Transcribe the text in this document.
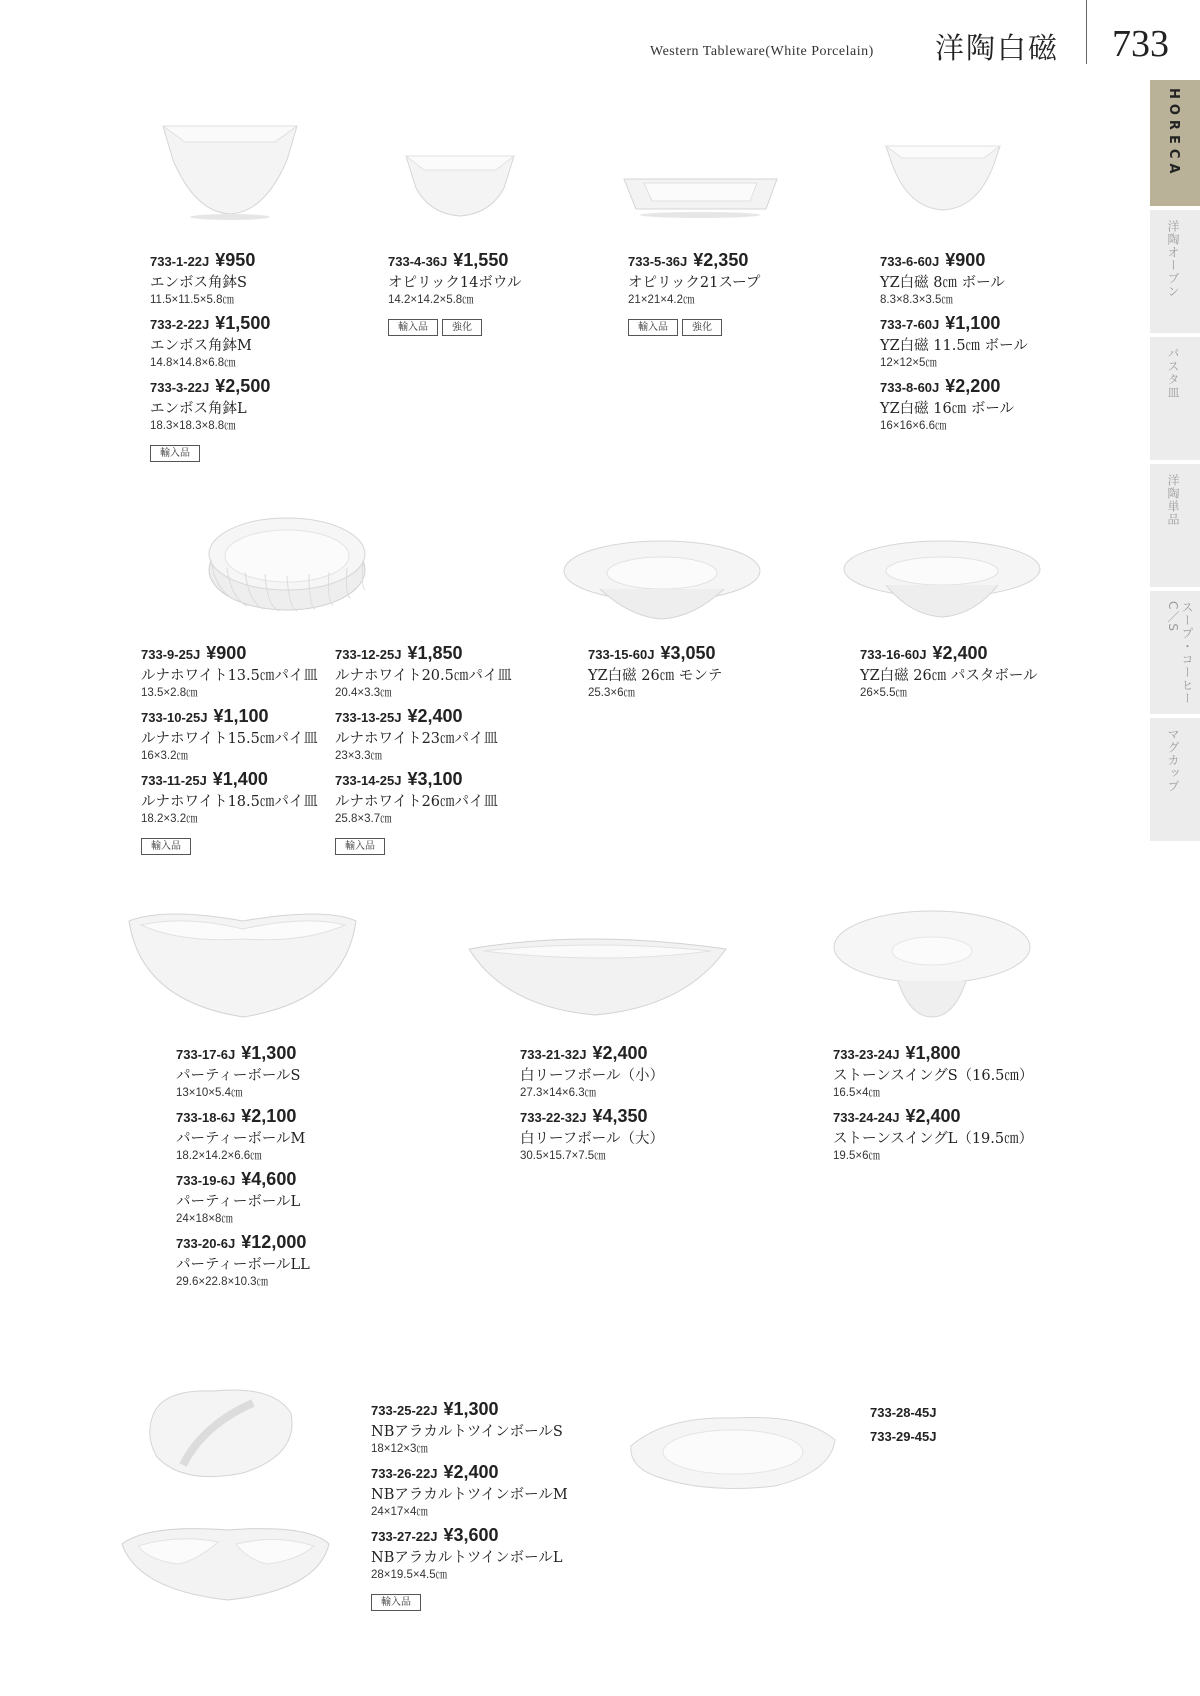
Western Tableware(White Porcelain) 洋陶白磁 733
HORECA
洋陶オーブン
パスタ皿
洋陶単品
スープ・コーヒーC／S
マグカップ
733-1-22J ¥950
エンボス角鉢S
11.5×11.5×5.8㎝
733-2-22J ¥1,500
エンボス角鉢M
14.8×14.8×6.8㎝
733-3-22J ¥2,500
エンボス角鉢L
18.3×18.3×8.8㎝
輸入品
733-4-36J ¥1,550
オピリック14ボウル
14.2×14.2×5.8㎝
輸入品 強化
733-5-36J ¥2,350
オピリック21スープ
21×21×4.2㎝
輸入品 強化
733-6-60J ¥900
YZ白磁 8㎝ ボール
8.3×8.3×3.5㎝
733-7-60J ¥1,100
YZ白磁 11.5㎝ ボール
12×12×5㎝
733-8-60J ¥2,200
YZ白磁 16㎝ ボール
16×16×6.6㎝
733-9-25J ¥900
ルナホワイト13.5㎝パイ皿
13.5×2.8㎝
733-10-25J ¥1,100
ルナホワイト15.5㎝パイ皿
16×3.2㎝
733-11-25J ¥1,400
ルナホワイト18.5㎝パイ皿
18.2×3.2㎝
輸入品
733-12-25J ¥1,850
ルナホワイト20.5㎝パイ皿
20.4×3.3㎝
733-13-25J ¥2,400
ルナホワイト23㎝パイ皿
23×3.3㎝
733-14-25J ¥3,100
ルナホワイト26㎝パイ皿
25.8×3.7㎝
輸入品
733-15-60J ¥3,050
YZ白磁 26㎝ モンテ
25.3×6㎝
733-16-60J ¥2,400
YZ白磁 26㎝ パスタボール
26×5.5㎝
733-17-6J ¥1,300
パーティーボールS
13×10×5.4㎝
733-18-6J ¥2,100
パーティーボールM
18.2×14.2×6.6㎝
733-19-6J ¥4,600
パーティーボールL
24×18×8㎝
733-20-6J ¥12,000
パーティーボールLL
29.6×22.8×10.3㎝
733-21-32J ¥2,400
白リーフボール（小）
27.3×14×6.3㎝
733-22-32J ¥4,350
白リーフボール（大）
30.5×15.7×7.5㎝
733-23-24J ¥1,800
ストーンスイングS（16.5㎝）
16.5×4㎝
733-24-24J ¥2,400
ストーンスイングL（19.5㎝）
19.5×6㎝
733-25-22J ¥1,300
NBアラカルトツインボールS
18×12×3㎝
733-26-22J ¥2,400
NBアラカルトツインボールM
24×17×4㎝
733-27-22J ¥3,600
NBアラカルトツインボールL
28×19.5×4.5㎝
輸入品
733-28-45J
733-29-45J
